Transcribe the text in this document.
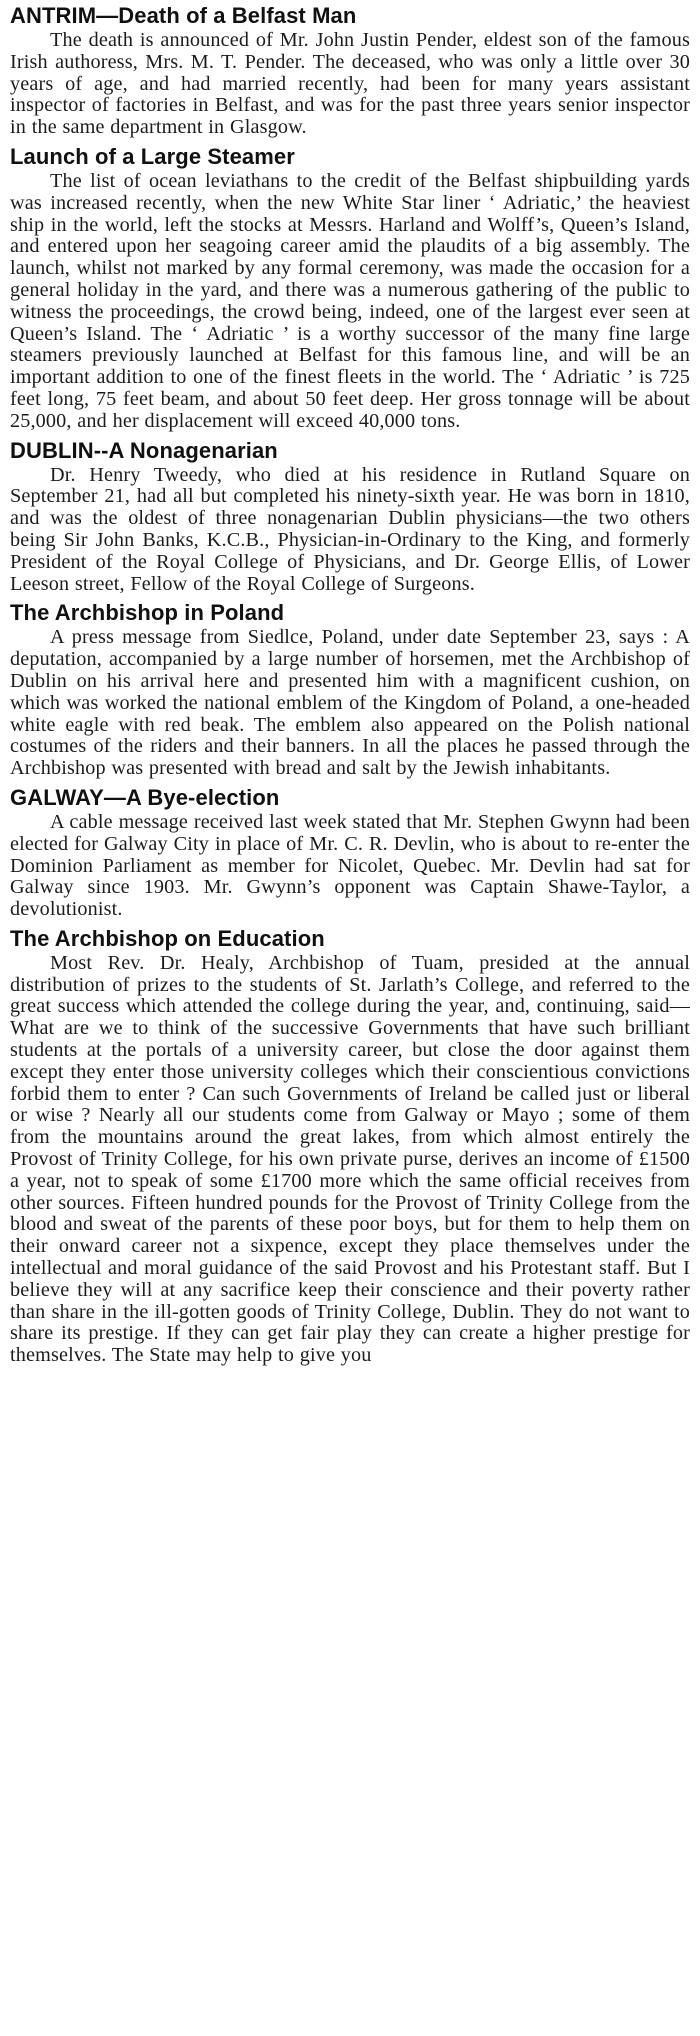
ANTRIM—Death of a Belfast Man

The death is announced of Mr. John Justin Pender, eldest son of the famous Irish authoress, Mrs. M. T. Pender. The deceased, who was only a little over 30 years of age, and had married recently, had been for many years assistant inspector of factories in Belfast, and was for the past three years senior inspector in the same department in Glasgow.

Launch of a Large Steamer

The list of ocean leviathans to the credit of the Belfast shipbuilding yards was increased recently, when the new White Star liner ‘ Adriatic,’ the heaviest ship in the world, left the stocks at Messrs. Harland and Wolff’s, Queen’s Island, and entered upon her seagoing career amid the plaudits of a big assembly. The launch, whilst not marked by any formal ceremony, was made the occasion for a general holiday in the yard, and there was a numerous gathering of the public to witness the proceedings, the crowd being, indeed, one of the largest ever seen at Queen’s Island. The ‘ Adriatic ’ is a worthy successor of the many fine large steamers previously launched at Belfast for this famous line, and will be an important addition to one of the finest fleets in the world. The ‘ Adriatic ’ is 725 feet long, 75 feet beam, and about 50 feet deep. Her gross tonnage will be about 25,000, and her displacement will exceed 40,000 tons.

DUBLIN--A Nonagenarian

Dr. Henry Tweedy, who died at his residence in Rutland Square on September 21, had all but completed his ninety-sixth year. He was born in 1810, and was the oldest of three nonagenarian Dublin physicians—the two others being Sir John Banks, K.C.B., Physician-in-Ordinary to the King, and formerly President of the Royal College of Physicians, and Dr. George Ellis, of Lower Leeson street, Fellow of the Royal College of Surgeons.

The Archbishop in Poland

A press message from Siedlce, Poland, under date September 23, says : A deputation, accompanied by a large number of horsemen, met the Archbishop of Dublin on his arrival here and presented him with a magnificent cushion, on which was worked the national emblem of the Kingdom of Poland, a one-headed white eagle with red beak. The emblem also appeared on the Polish national costumes of the riders and their banners. In all the places he passed through the Archbishop was presented with bread and salt by the Jewish inhabitants.

GALWAY—A Bye-election

A cable message received last week stated that Mr. Stephen Gwynn had been elected for Galway City in place of Mr. C. R. Devlin, who is about to re-enter the Dominion Parliament as member for Nicolet, Quebec. Mr. Devlin had sat for Galway since 1903. Mr. Gwynn’s opponent was Captain Shawe-Taylor, a devolutionist.

The Archbishop on Education

Most Rev. Dr. Healy, Archbishop of Tuam, presided at the annual distribution of prizes to the students of St. Jarlath’s College, and referred to the great success which attended the college during the year, and, continuing, said—What are we to think of the successive Governments that have such brilliant students at the portals of a university career, but close the door against them except they enter those university colleges which their conscientious convictions forbid them to enter ? Can such Governments of Ireland be called just or liberal or wise ? Nearly all our students come from Galway or Mayo ; some of them from the mountains around the great lakes, from which almost entirely the Provost of Trinity College, for his own private purse, derives an income of £1500 a year, not to speak of some £1700 more which the same official receives from other sources. Fifteen hundred pounds for the Provost of Trinity College from the blood and sweat of the parents of these poor boys, but for them to help them on their onward career not a sixpence, except they place themselves under the intellectual and moral guidance of the said Provost and his Protestant staff. But I believe they will at any sacrifice keep their conscience and their poverty rather than share in the ill-gotten goods of Trinity College, Dublin. They do not want to share its prestige. If they can get fair play they can create a higher prestige for themselves. The State may help to give you
